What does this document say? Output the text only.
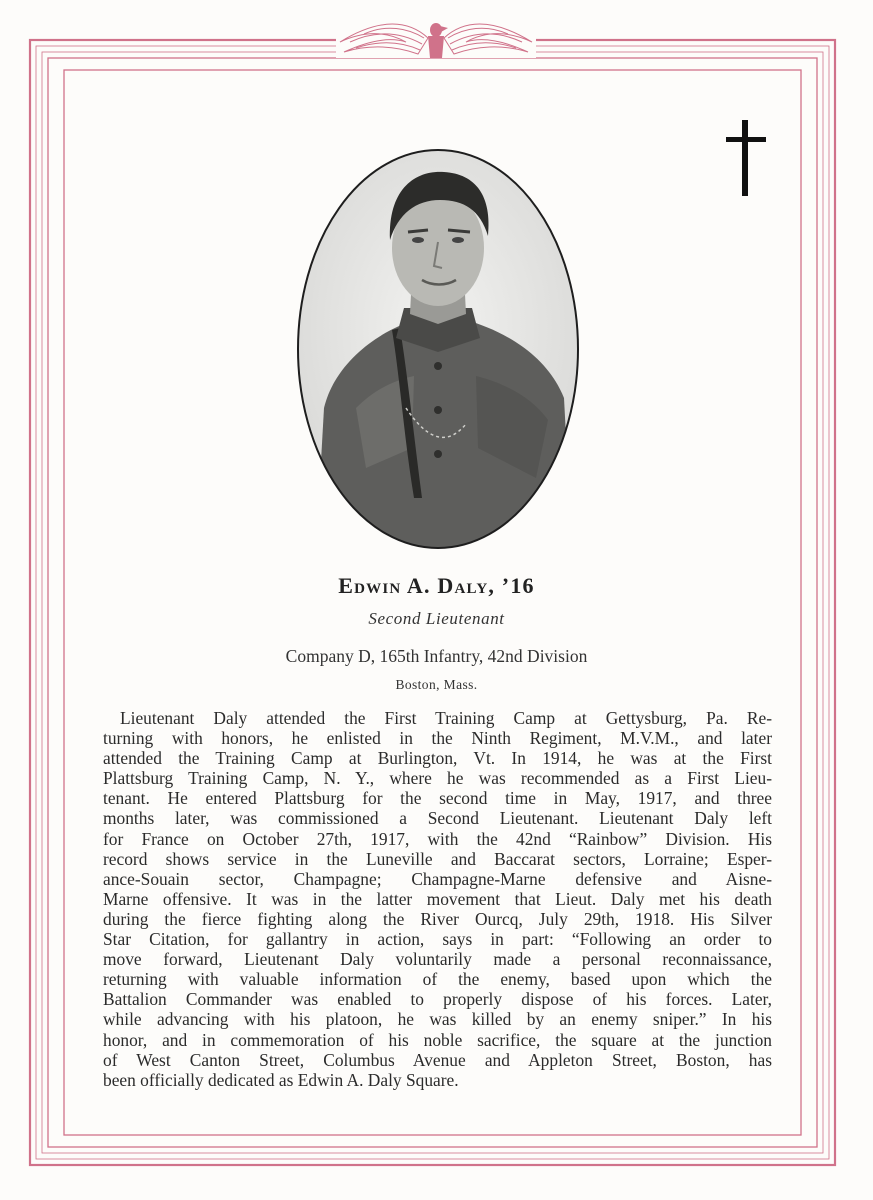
Edwin A. Daly, ’16
Second Lieutenant
Company D, 165th Infantry, 42nd Division
Boston, Mass.

Lieutenant Daly attended the First Training Camp at Gettysburg, Pa. Re-
turning with honors, he enlisted in the Ninth Regiment, M.V.M., and later
attended the Training Camp at Burlington, Vt. In 1914, he was at the First
Plattsburg Training Camp, N. Y., where he was recommended as a First Lieu-
tenant. He entered Plattsburg for the second time in May, 1917, and three
months later, was commissioned a Second Lieutenant. Lieutenant Daly left
for France on October 27th, 1917, with the 42nd “Rainbow” Division. His
record shows service in the Luneville and Baccarat sectors, Lorraine; Esper-
ance-Souain sector, Champagne; Champagne-Marne defensive and Aisne-
Marne offensive. It was in the latter movement that Lieut. Daly met his death
during the fierce fighting along the River Ourcq, July 29th, 1918. His Silver
Star Citation, for gallantry in action, says in part: “Following an order to
move forward, Lieutenant Daly voluntarily made a personal reconnaissance,
returning with valuable information of the enemy, based upon which the
Battalion Commander was enabled to properly dispose of his forces. Later,
while advancing with his platoon, he was killed by an enemy sniper.” In his
honor, and in commemoration of his noble sacrifice, the square at the junction
of West Canton Street, Columbus Avenue and Appleton Street, Boston, has
been officially dedicated as Edwin A. Daly Square.
